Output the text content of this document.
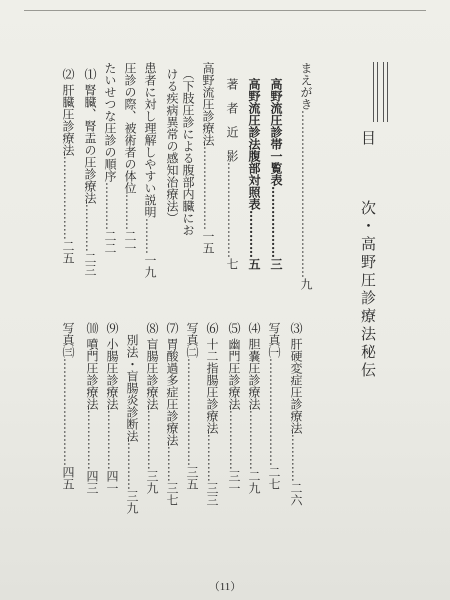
目
次・高野圧診療法秘伝
まえがき……………………………………九
高野流圧診帯一覧表………………三
高野流圧診法腹部対照表…………五
著　者　近　影……………………七
高野流圧診療法…………………一五
（下肢圧診による腹部内臓にお
ける疾病異常の感知治療法）
患者に対し理解しやすい説明………一九
圧診の際、被術者の体位………二一
たいせつな圧診の順序…………二二
⑴ 腎臓、腎盂の圧診療法…………二三
⑵ 肝臓圧診療法…………………二五
⑶ 肝硬変症圧診療法…………二六
写真㈠………………………二七
⑷ 胆嚢圧診療法……………二九
⑸ 幽門圧診療法……………三一
⑹ 十二指腸圧診療法…………三三
写真㈡………………………三五
⑺ 胃酸過多症圧診療法………三七
⑻ 盲腸圧診療法……………三九
別法・盲腸炎診断法…………三九
⑼ 小腸圧診療法……………四一
⑽ 噴門圧診療法……………四三
写真㈢………………………四五
（11）
